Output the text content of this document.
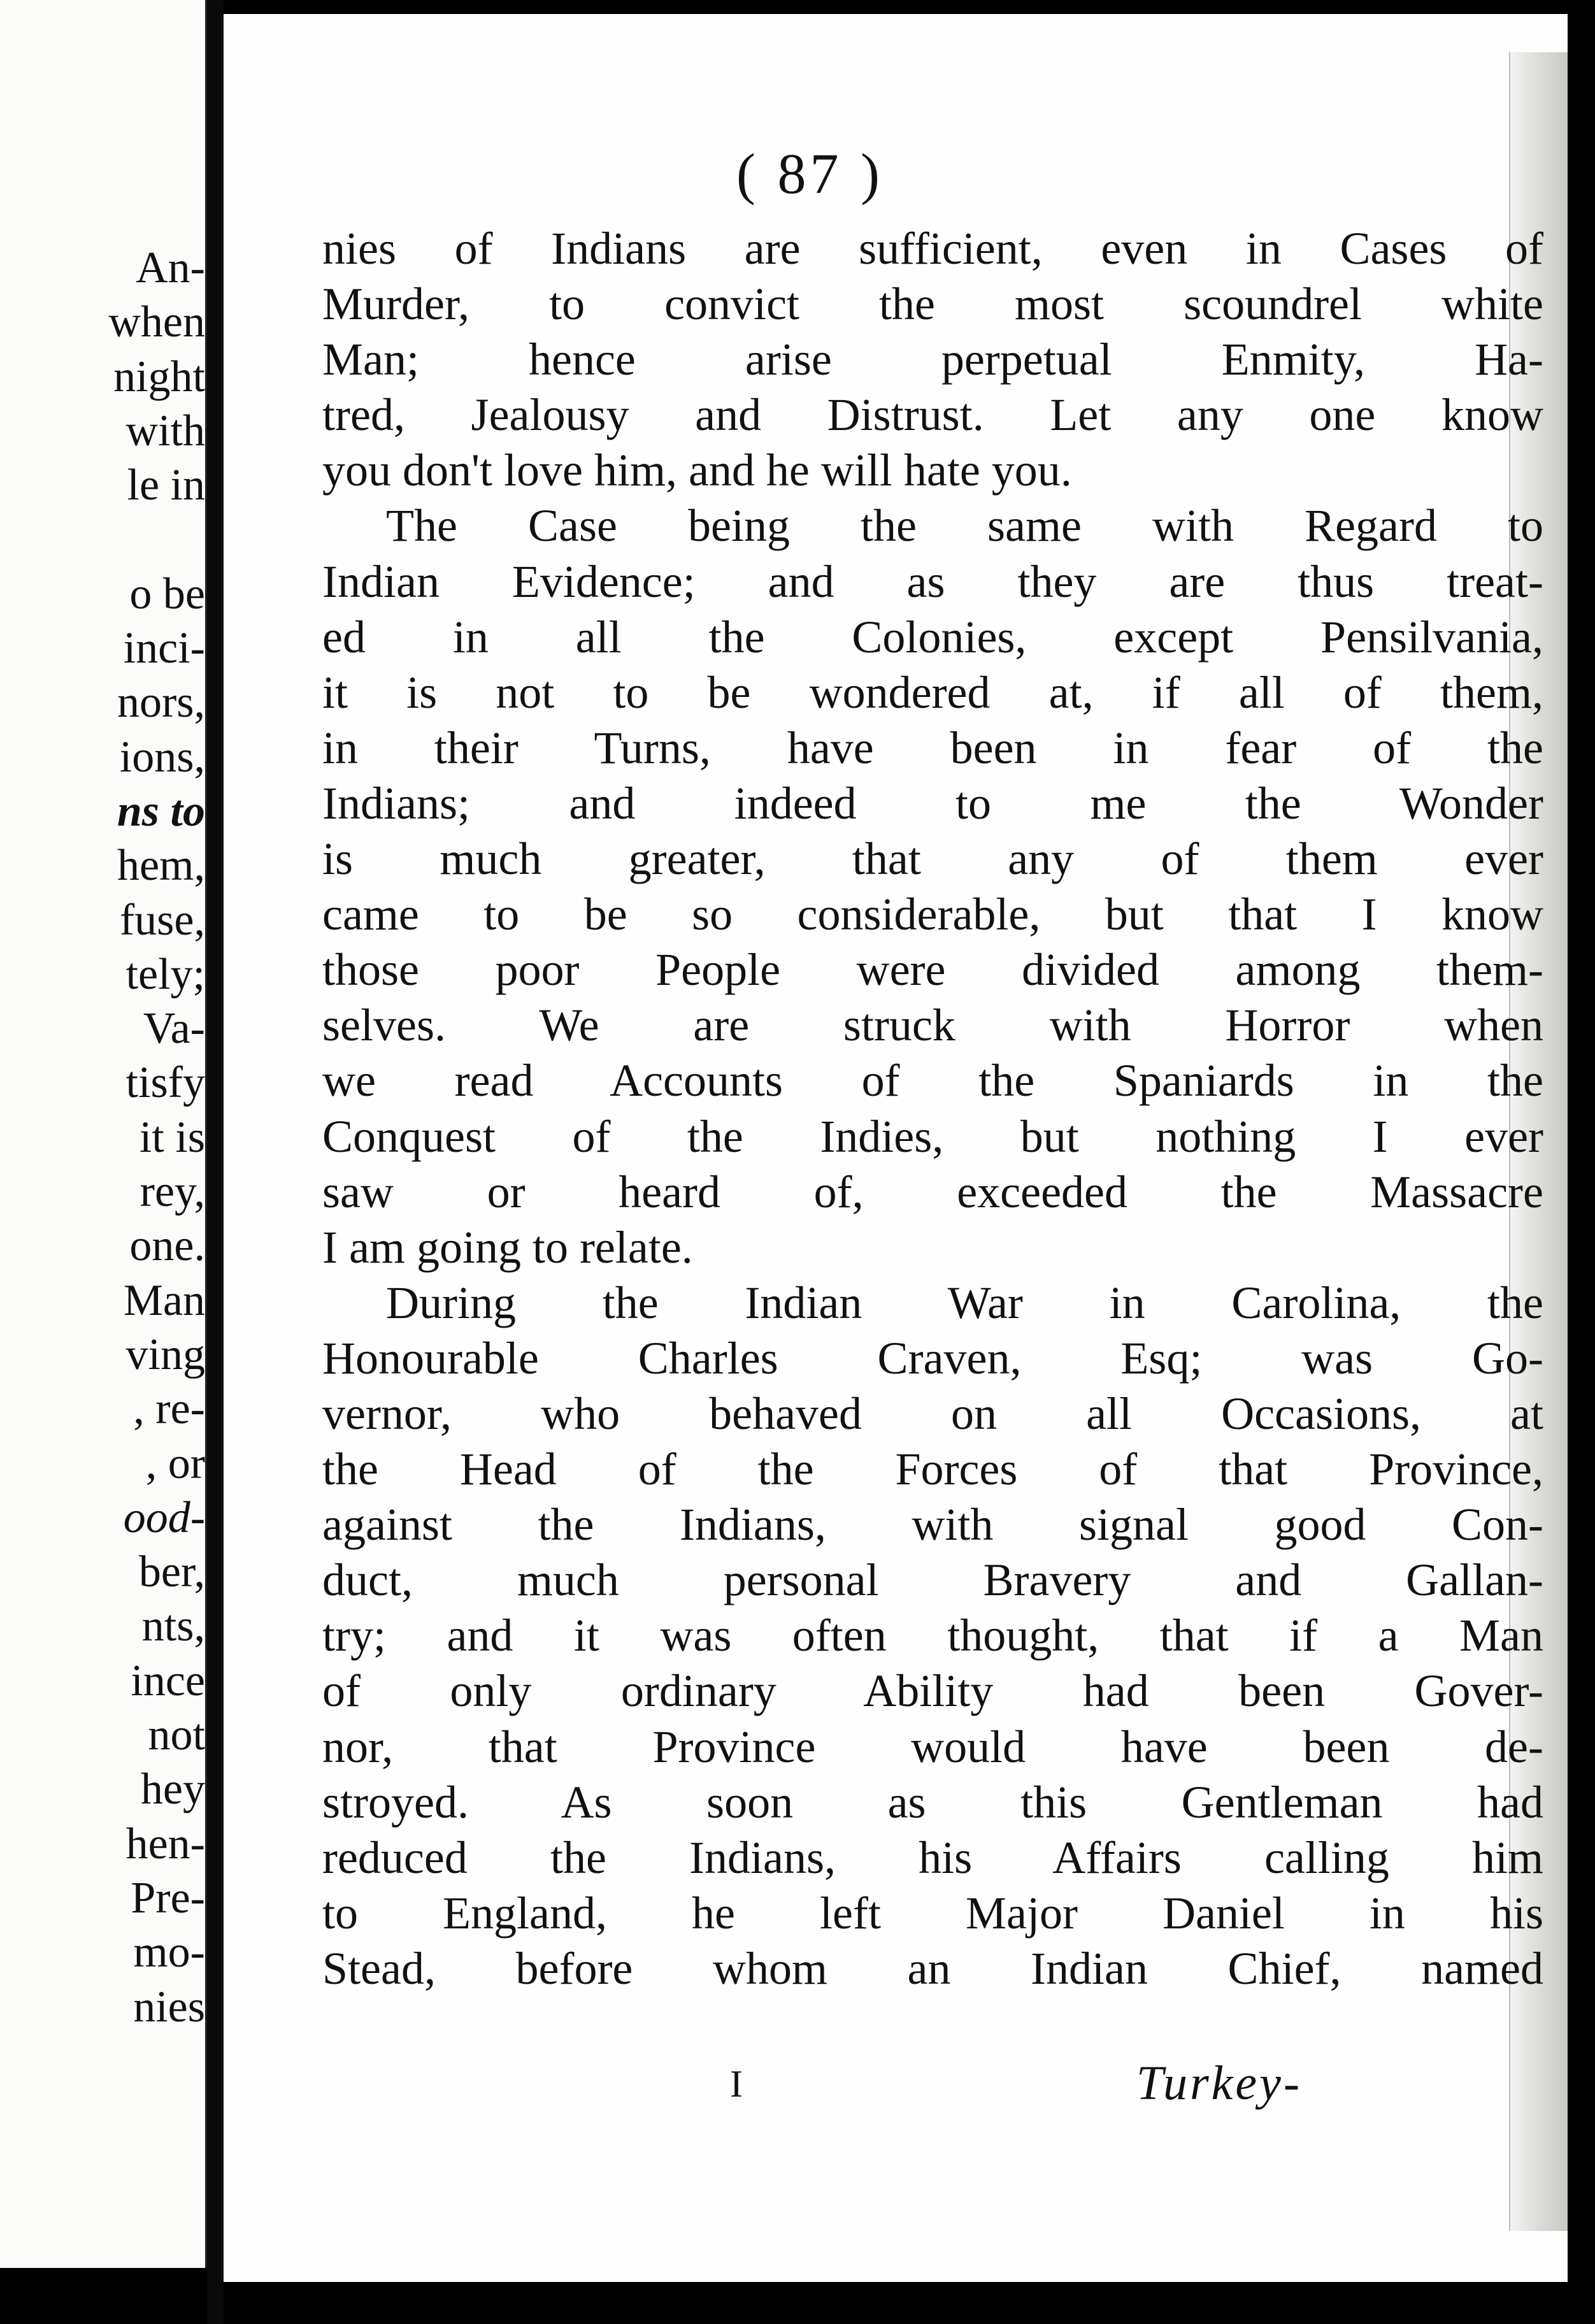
An-
when
night
with
le in
o be
inci-
nors,
ions,
ns to
hem,
fuse,
tely;
Va-
tisfy
it is
rey,
one.
Man
ving
, re-
, or
ood-
ber,
nts,
ince
not
hey
hen-
Pre-
mo-
nies
( 87 )
nies of Indians are sufficient, even in Cases of
Murder, to convict the most scoundrel white
Man; hence arise perpetual Enmity, Ha-
tred, Jealousy and Distrust. Let any one know
you don't love him, and he will hate you.
The Case being the same with Regard to
Indian Evidence; and as they are thus treat-
ed in all the Colonies, except Pensilvania,
it is not to be wondered at, if all of them,
in their Turns, have been in fear of the
Indians; and indeed to me the Wonder
is much greater, that any of them ever
came to be so considerable, but that I know
those poor People were divided among them-
selves. We are struck with Horror when
we read Accounts of the Spaniards in the
Conquest of the Indies, but nothing I ever
saw or heard of, exceeded the Massacre
I am going to relate.
During the Indian War in Carolina, the
Honourable Charles Craven, Esq; was Go-
vernor, who behaved on all Occasions, at
the Head of the Forces of that Province,
against the Indians, with signal good Con-
duct, much personal Bravery and Gallan-
try; and it was often thought, that if a Man
of only ordinary Ability had been Gover-
nor, that Province would have been de-
stroyed. As soon as this Gentleman had
reduced the Indians, his Affairs calling him
to England, he left Major Daniel in his
Stead, before whom an Indian Chief, named
I	Turkey-
